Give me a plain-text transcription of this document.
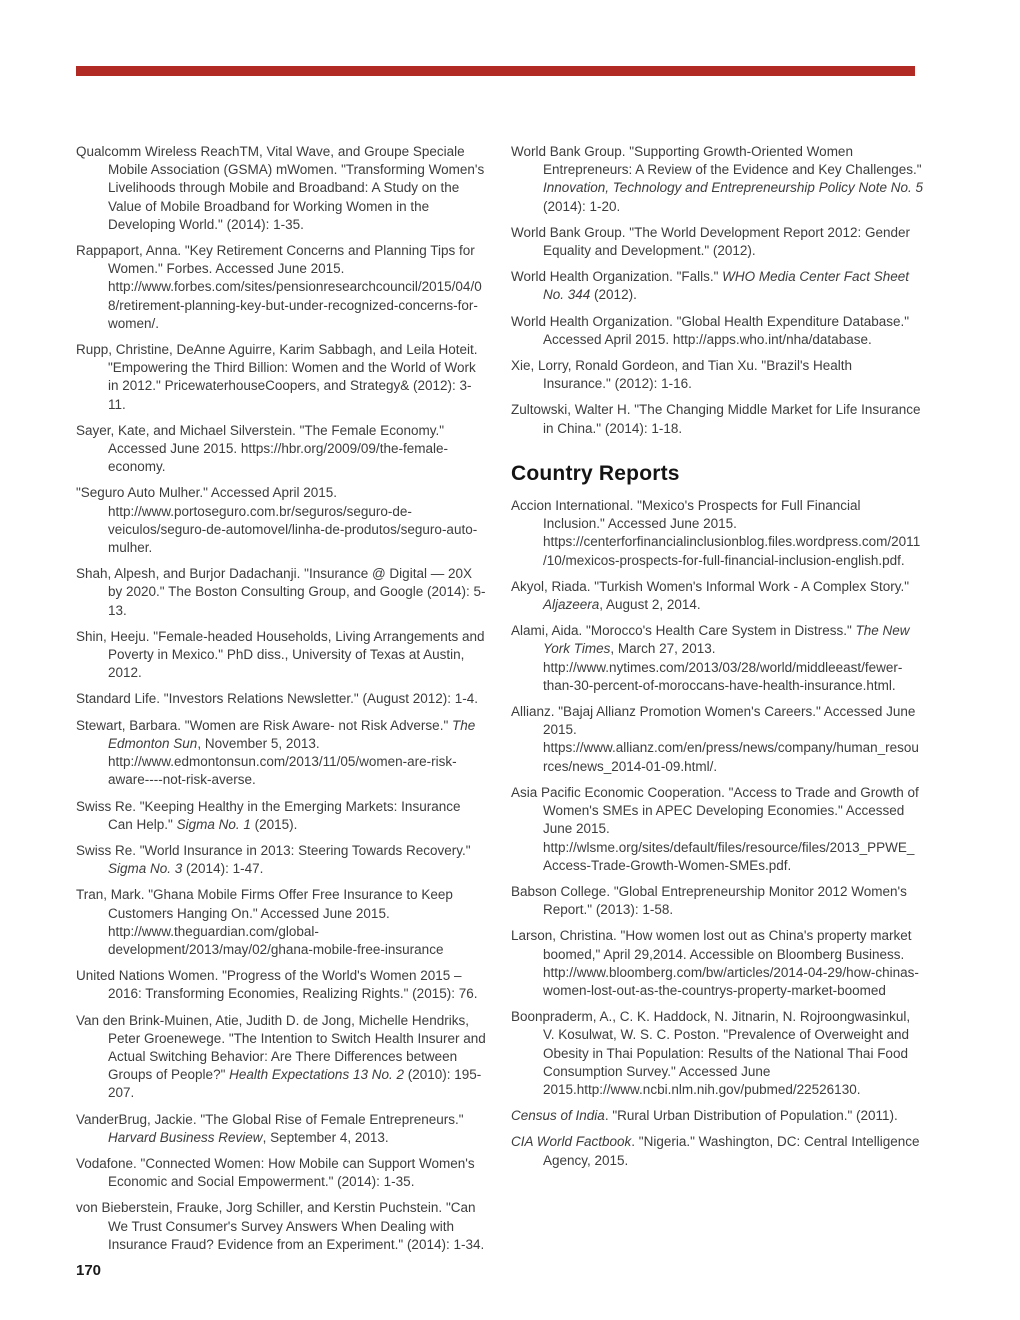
Qualcomm Wireless ReachTM, Vital Wave, and Groupe Speciale Mobile Association (GSMA) mWomen. "Transforming Women's Livelihoods through Mobile and Broadband: A Study on the Value of Mobile Broadband for Working Women in the Developing World." (2014): 1-35.

Rappaport, Anna. "Key Retirement Concerns and Planning Tips for Women." Forbes. Accessed June 2015. http://www.forbes.com/sites/pensionresearchcouncil/2015/04/08/retirement-planning-key-but-under-recognized-concerns-for-women/.

Rupp, Christine, DeAnne Aguirre, Karim Sabbagh, and Leila Hoteit. "Empowering the Third Billion: Women and the World of Work in 2012." PricewaterhouseCoopers, and Strategy& (2012): 3-11.

Sayer, Kate, and Michael Silverstein. "The Female Economy." Accessed June 2015. https://hbr.org/2009/09/the-female-economy.

"Seguro Auto Mulher." Accessed April 2015. http://www.portoseguro.com.br/seguros/seguro-de-veiculos/seguro-de-automovel/linha-de-produtos/seguro-auto-mulher.

Shah, Alpesh, and Burjor Dadachanji. "Insurance @ Digital — 20X by 2020." The Boston Consulting Group, and Google (2014): 5-13.

Shin, Heeju. "Female-headed Households, Living Arrangements and Poverty in Mexico." PhD diss., University of Texas at Austin, 2012.

Standard Life. "Investors Relations Newsletter." (August 2012): 1-4.

Stewart, Barbara. "Women are Risk Aware- not Risk Adverse." The Edmonton Sun, November 5, 2013. http://www.edmontonsun.com/2013/11/05/women-are-risk-aware----not-risk-averse.

Swiss Re. "Keeping Healthy in the Emerging Markets: Insurance Can Help." Sigma No. 1 (2015).

Swiss Re. "World Insurance in 2013: Steering Towards Recovery." Sigma No. 3 (2014): 1-47.

Tran, Mark. "Ghana Mobile Firms Offer Free Insurance to Keep Customers Hanging On." Accessed June 2015. http://www.theguardian.com/global-development/2013/may/02/ghana-mobile-free-insurance

United Nations Women. "Progress of the World's Women 2015 – 2016: Transforming Economies, Realizing Rights." (2015): 76.

Van den Brink-Muinen, Atie, Judith D. de Jong, Michelle Hendriks, Peter Groenewege. "The Intention to Switch Health Insurer and Actual Switching Behavior: Are There Differences between Groups of People?" Health Expectations 13 No. 2 (2010): 195-207.

VanderBrug, Jackie. "The Global Rise of Female Entrepreneurs." Harvard Business Review, September 4, 2013.

Vodafone. "Connected Women: How Mobile can Support Women's Economic and Social Empowerment." (2014): 1-35.

von Bieberstein, Frauke, Jorg Schiller, and Kerstin Puchstein. "Can We Trust Consumer's Survey Answers When Dealing with Insurance Fraud? Evidence from an Experiment." (2014): 1-34.

World Bank Group. "Supporting Growth-Oriented Women Entrepreneurs: A Review of the Evidence and Key Challenges." Innovation, Technology and Entrepreneurship Policy Note No. 5 (2014): 1-20.

World Bank Group. "The World Development Report 2012: Gender Equality and Development." (2012).

World Health Organization. "Falls." WHO Media Center Fact Sheet No. 344 (2012).

World Health Organization. "Global Health Expenditure Database." Accessed April 2015. http://apps.who.int/nha/database.

Xie, Lorry, Ronald Gordeon, and Tian Xu. "Brazil's Health Insurance." (2012): 1-16.

Zultowski, Walter H. "The Changing Middle Market for Life Insurance in China." (2014): 1-18.

Country Reports

Accion International. "Mexico's Prospects for Full Financial Inclusion." Accessed June 2015. https://centerforfinancialinclusionblog.files.wordpress.com/2011/10/mexicos-prospects-for-full-financial-inclusion-english.pdf.

Akyol, Riada. "Turkish Women's Informal Work - A Complex Story." Aljazeera, August 2, 2014.

Alami, Aida. "Morocco's Health Care System in Distress." The New York Times, March 27, 2013. http://www.nytimes.com/2013/03/28/world/middleeast/fewer-than-30-percent-of-moroccans-have-health-insurance.html.

Allianz. "Bajaj Allianz Promotion Women's Careers." Accessed June 2015. https://www.allianz.com/en/press/news/company/human_resources/news_2014-01-09.html/.

Asia Pacific Economic Cooperation. "Access to Trade and Growth of Women's SMEs in APEC Developing Economies." Accessed June 2015. http://wlsme.org/sites/default/files/resource/files/2013_PPWE_Access-Trade-Growth-Women-SMEs.pdf.

Babson College. "Global Entrepreneurship Monitor 2012 Women's Report." (2013): 1-58.

Larson, Christina. "How women lost out as China's property market boomed," April 29,2014. Accessible on Bloomberg Business. http://www.bloomberg.com/bw/articles/2014-04-29/how-chinas-women-lost-out-as-the-countrys-property-market-boomed

Boonpraderm, A., C. K. Haddock, N. Jitnarin, N. Rojroongwasinkul, V. Kosulwat, W. S. C. Poston. "Prevalence of Overweight and Obesity in Thai Population: Results of the National Thai Food Consumption Survey." Accessed June 2015.http://www.ncbi.nlm.nih.gov/pubmed/22526130.

Census of India. "Rural Urban Distribution of Population." (2011).

CIA World Factbook. "Nigeria." Washington, DC: Central Intelligence Agency, 2015.

170
